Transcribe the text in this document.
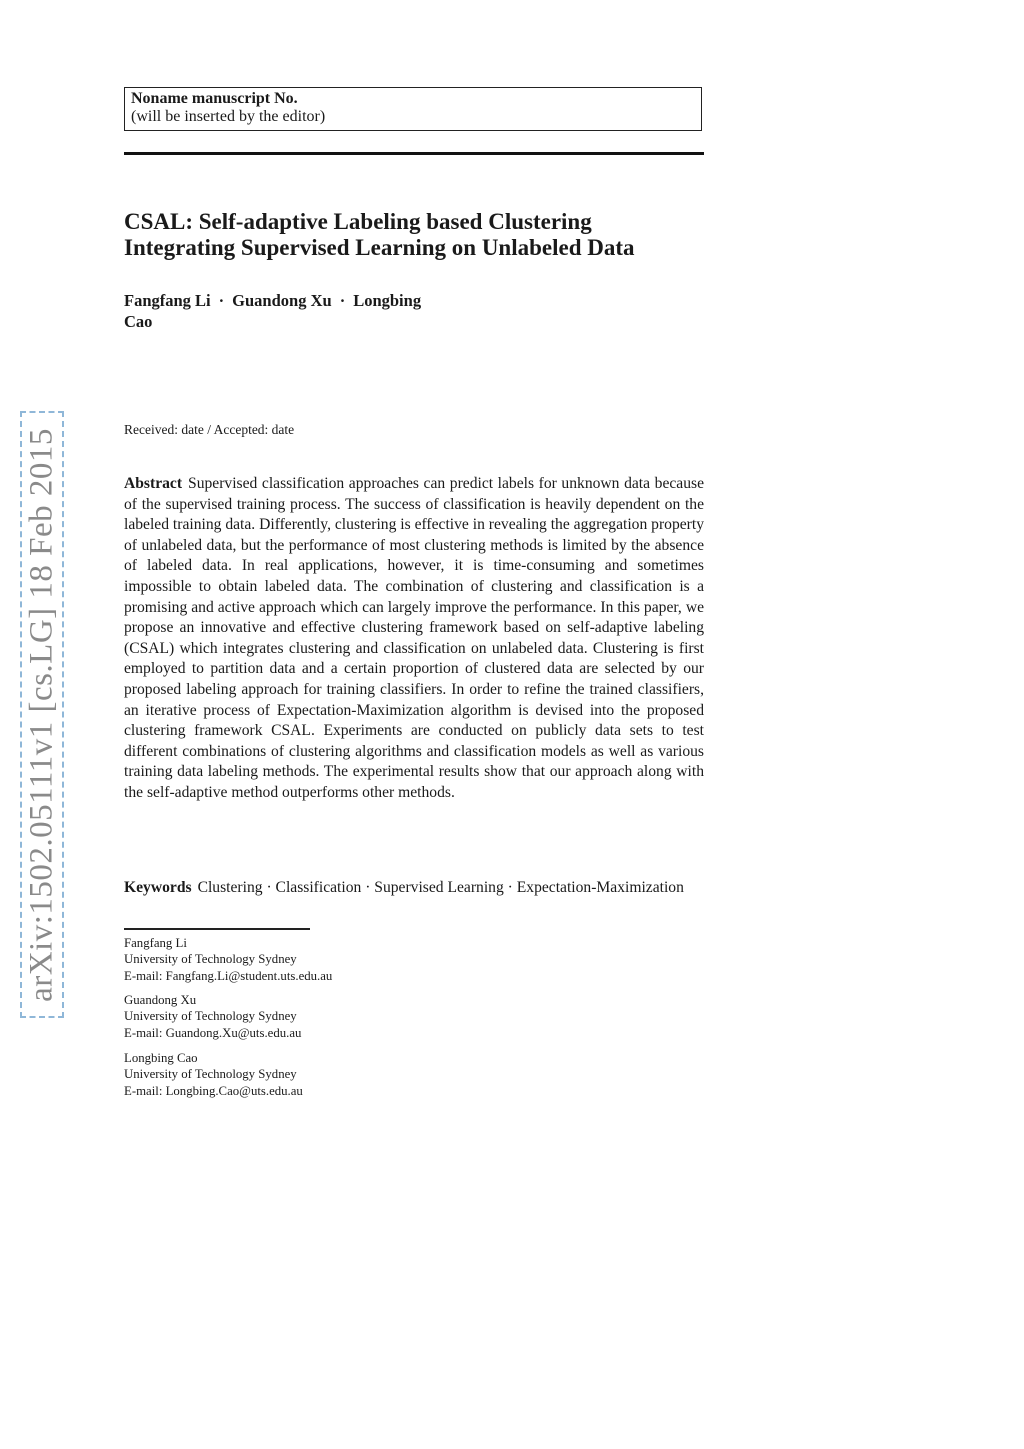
arXiv:1502.05111v1 [cs.LG] 18 Feb 2015
Noname manuscript No.
(will be inserted by the editor)
CSAL: Self-adaptive Labeling based Clustering
Integrating Supervised Learning on Unlabeled Data
Fangfang Li · Guandong Xu · Longbing
Cao
Received: date / Accepted: date

Abstract Supervised classification approaches can predict labels for unknown data because of the supervised training process. The success of classification is heavily dependent on the labeled training data. Differently, clustering is effective in revealing the aggregation property of unlabeled data, but the performance of most clustering methods is limited by the absence of labeled data. In real applications, however, it is time-consuming and sometimes impossible to obtain labeled data. The combination of clustering and classification is a promising and active approach which can largely improve the performance. In this paper, we propose an innovative and effective clustering framework based on self-adaptive labeling (CSAL) which integrates clustering and classification on unlabeled data. Clustering is first employed to partition data and a certain proportion of clustered data are selected by our proposed labeling approach for training classifiers. In order to refine the trained classifiers, an iterative process of Expectation-Maximization algorithm is devised into the proposed clustering framework CSAL. Experiments are conducted on publicly data sets to test different combinations of clustering algorithms and classification models as well as various training data labeling methods. The experimental results show that our approach along with the self-adaptive method outperforms other methods.

Keywords Clustering · Classification · Supervised Learning · Expectation-Maximization

Fangfang Li
University of Technology Sydney
E-mail: Fangfang.Li@student.uts.edu.au
Guandong Xu
University of Technology Sydney
E-mail: Guandong.Xu@uts.edu.au
Longbing Cao
University of Technology Sydney
E-mail: Longbing.Cao@uts.edu.au
